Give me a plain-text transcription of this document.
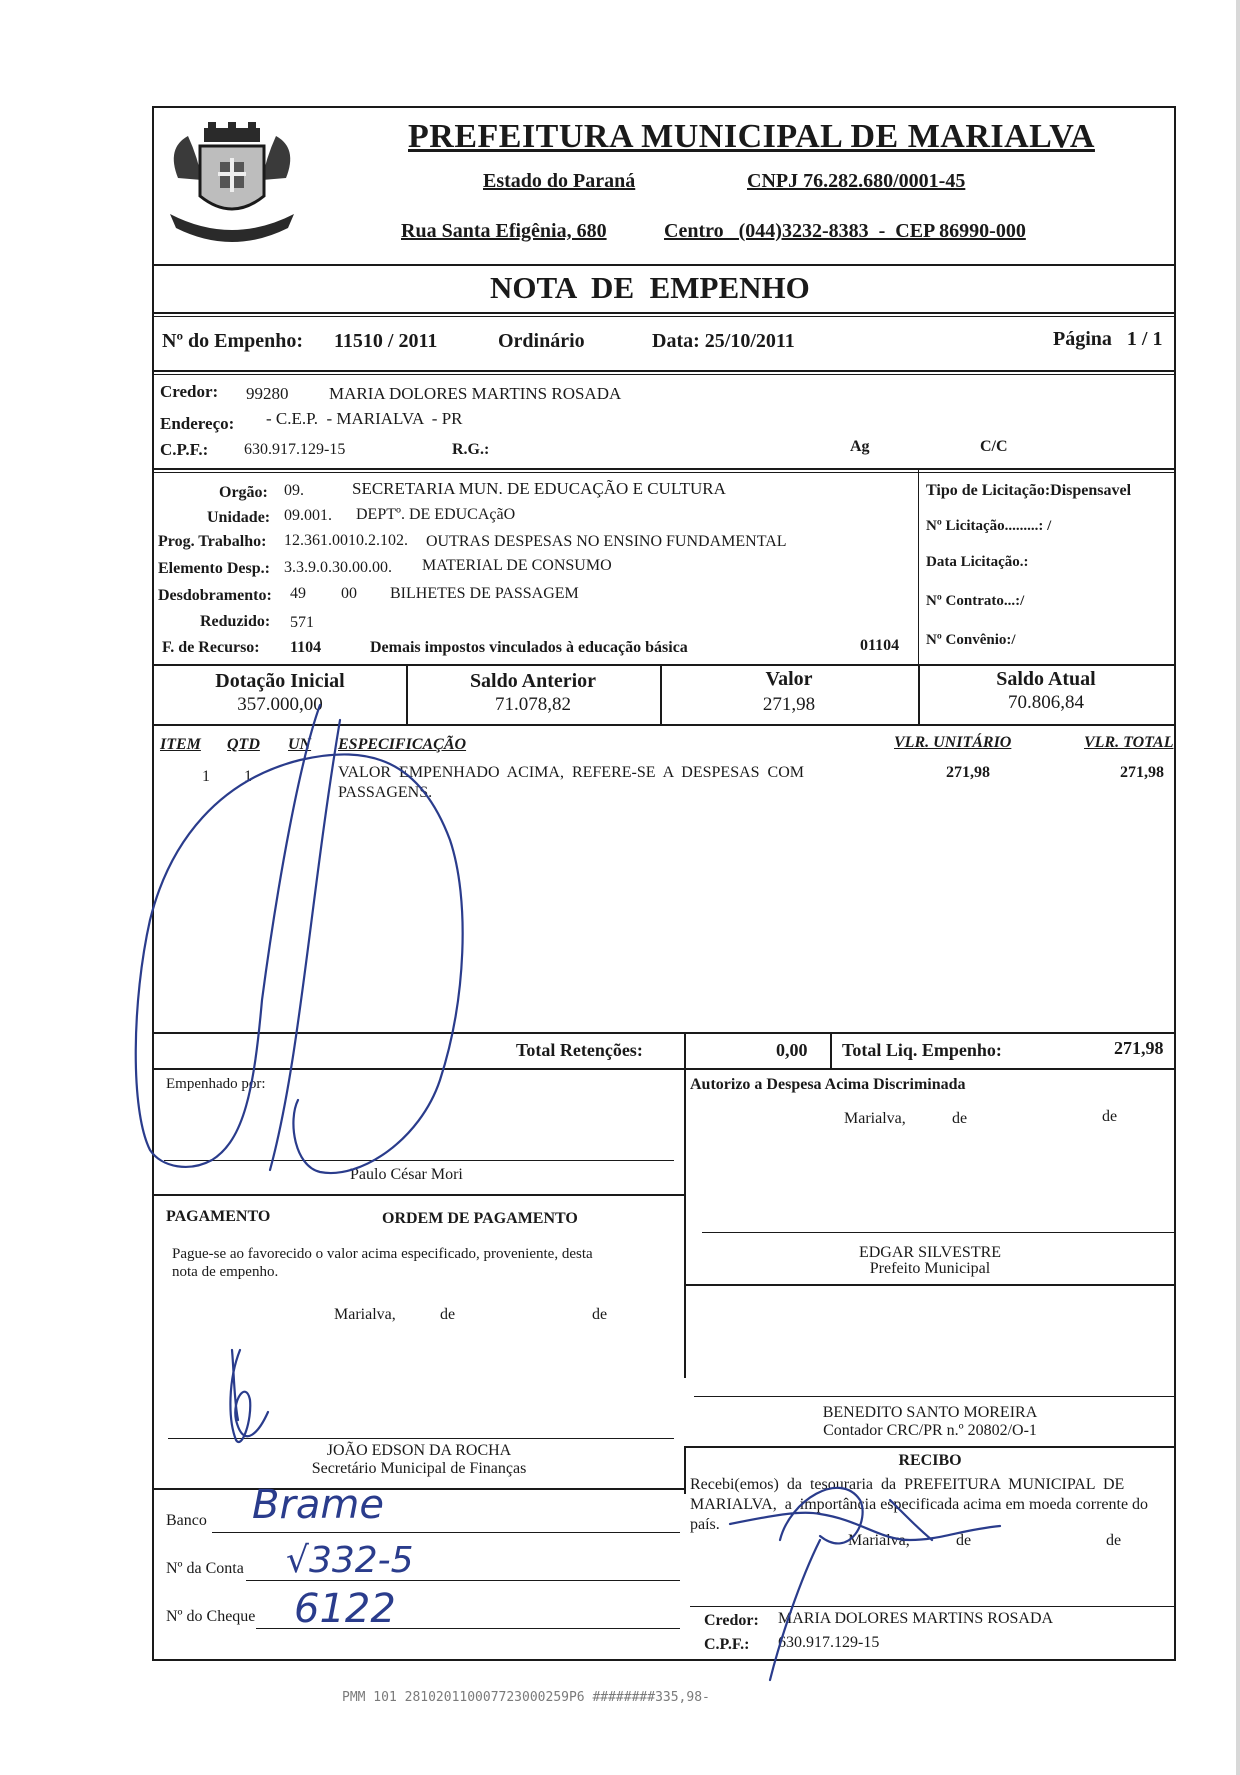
MARIALVA
PREFEITURA MUNICIPAL DE MARIALVA
Estado do Paraná	CNPJ 76.282.680/0001-45
Rua Santa Efigênia, 680	Centro   (044)3232-8383  -  CEP 86990-000
NOTA  DE  EMPENHO
Nº do Empenho: 11510 / 2011	Ordinário	Data: 25/10/2011	Página   1 / 1
Credor: 99280 MARIA DOLORES MARTINS ROSADA
Endereço: - C.E.P.  - MARIALVA  - PR
C.P.F.: 630.917.129-15	R.G.:	Ag	C/C
Orgão: 09.	SECRETARIA MUN. DE EDUCAÇÃO E CULTURA
Unidade: 09.001. DEPTº. DE EDUCAçãO
Prog. Trabalho: 12.361.0010.2.102. OUTRAS DESPESAS NO ENSINO FUNDAMENTAL
Elemento Desp.: 3.3.9.0.30.00.00. MATERIAL DE CONSUMO
Desdobramento: 49 00 BILHETES DE PASSAGEM
Reduzido: 571
F. de Recurso: 1104	Demais impostos vinculados à educação básica	01104
Tipo de Licitação:Dispensavel
Nº Licitação.........: /
Data Licitação.:
Nº Contrato...:/
Nº Convênio:/
Dotação Inicial
357.000,00
Saldo Anterior
71.078,82
Valor
271,98
Saldo Atual
70.806,84
ITEM QTD UN ESPECIFICAÇÃO	VLR. UNITÁRIO	VLR. TOTAL
1 1	VALOR  EMPENHADO  ACIMA,  REFERE-SE  A  DESPESAS  COM
PASSAGENS.
271,98	271,98
Total Retenções:	0,00 Total Liq. Empenho:	271,98
Empenhado por:
Paulo César Mori
Autorizo a Despesa Acima Discriminada
Marialva,	de	de
EDGAR SILVESTRE
Prefeito Municipal
PAGAMENTO	ORDEM DE PAGAMENTO
Pague-se ao favorecido o valor acima especificado, proveniente, desta
nota de empenho.
Marialva,	de	de
JOÃO EDSON DA ROCHA
Secretário Municipal de Finanças
BENEDITO SANTO MOREIRA
Contador CRC/PR n.º 20802/O-1
RECIBO
Recebi(emos)  da  tesouraria  da  PREFEITURA  MUNICIPAL  DE
MARIALVA,  a  importância especificada acima em moeda corrente do
país.
Marialva,	de	de
Credor: MARIA DOLORES MARTINS ROSADA
C.P.F.: 630.917.129-15
Banco Brame
Nº da Conta √332-5
Nº do Cheque 6122
PMM 101 281020110007723000259P6 ########335,98-
